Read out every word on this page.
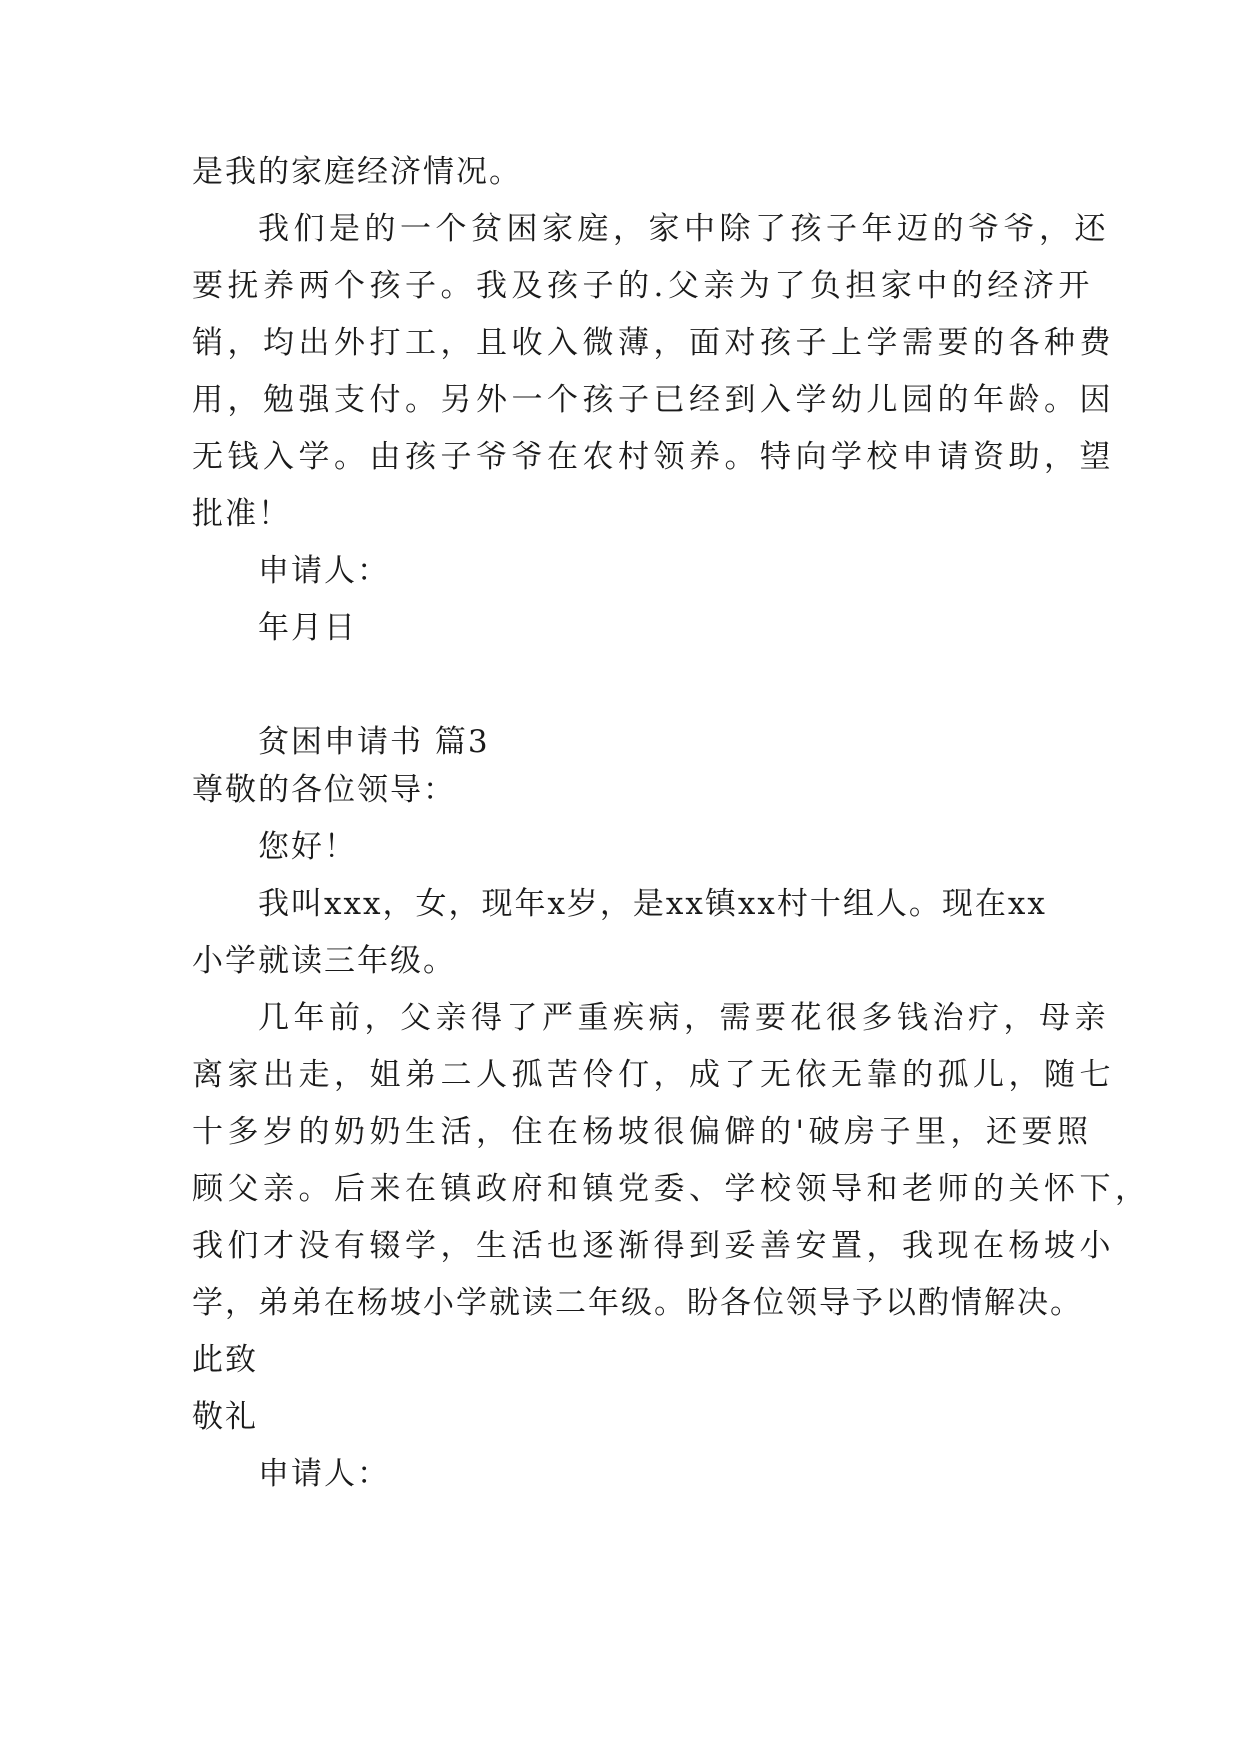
是我的家庭经济情况。
我们是的一个贫困家庭，家中除了孩子年迈的爷爷，还
要抚养两个孩子。我及孩子的.父亲为了负担家中的经济开
销，均出外打工，且收入微薄，面对孩子上学需要的各种费
用，勉强支付。另外一个孩子已经到入学幼儿园的年龄。因
无钱入学。由孩子爷爷在农村领养。特向学校申请资助，望
批准！
申请人：
年月日
贫困申请书 篇3
尊敬的各位领导：
您好！
我叫xxx，女，现年x岁，是xx镇xx村十组人。现在xx
小学就读三年级。
几年前，父亲得了严重疾病，需要花很多钱治疗，母亲
离家出走，姐弟二人孤苦伶仃，成了无依无靠的孤儿，随七
十多岁的奶奶生活，住在杨坡很偏僻的'破房子里，还要照
顾父亲。后来在镇政府和镇党委、学校领导和老师的关怀下，
我们才没有辍学，生活也逐渐得到妥善安置，我现在杨坡小
学，弟弟在杨坡小学就读二年级。盼各位领导予以酌情解决。
此致
敬礼
申请人：
